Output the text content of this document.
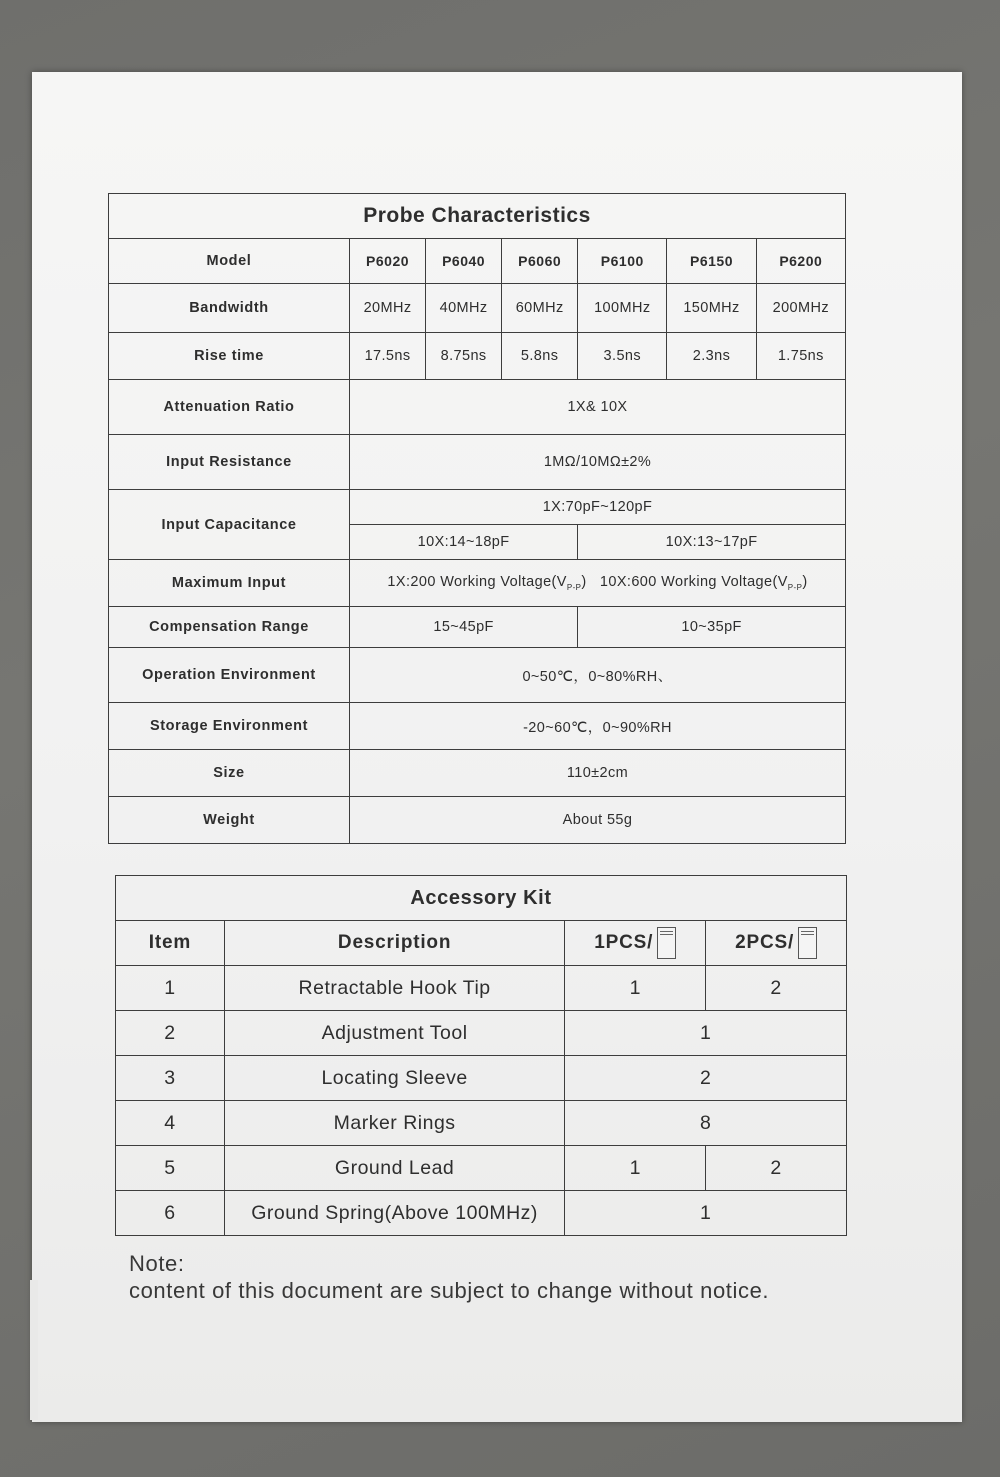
Probe Characteristics						
Model	P6020	P6040	P6060	P6100	P6150	P6200
Bandwidth	20MHz	40MHz	60MHz	100MHz	150MHz	200MHz
Rise time	17.5ns	8.75ns	5.8ns	3.5ns	2.3ns	1.75ns
Attenuation Ratio	1X& 10X					
Input Resistance	1MΩ/10MΩ±2%					
Input Capacitance	1X:70pF~120pF					
	10X:14~18pF			10X:13~17pF		
Maximum Input	1X:200 Working $Voltage(V_{P-P})$   10X:600 Working $Voltage(V_{P-P})$					
Compensation Range	15~45pF			10~35pF		
Operation Environment	0~50℃，0~80%RH、					
Storage Environment	-20~60℃，0~90%RH					
Size	110±2cm					
Weight	About 55g					
Accessory Kit			
Item	Description	1PCS/	2PCS/
1	Retractable Hook Tip	1	2
2	Adjustment Tool	1	
3	Locating Sleeve	2	
4	Marker Rings	8	
5	Ground Lead	1	2
6	Ground Spring(Above 100MHz)	1	
Note:
content of this document are subject to change without notice.
